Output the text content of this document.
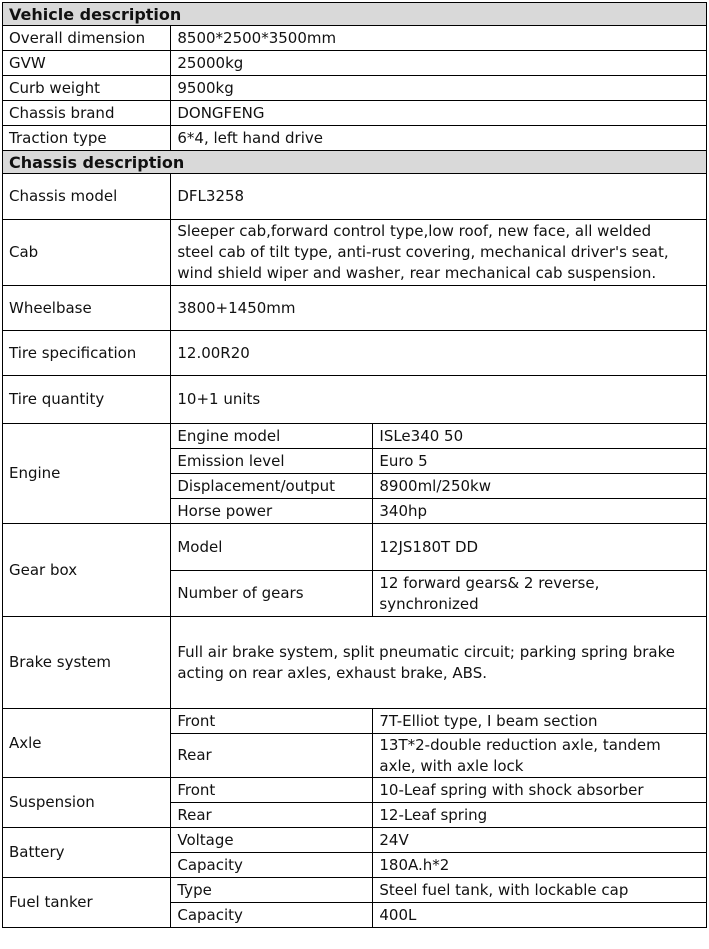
Vehicle description		
Overall dimension	8500*2500*3500mm	
GVW	25000kg	
Curb weight	9500kg	
Chassis brand	DONGFENG	
Traction type	6*4, left hand drive	
Chassis description		
Chassis model	DFL3258	
Cab	Sleeper cab,forward control type,low roof, new face, all welded
steel cab of tilt type, anti-rust covering, mechanical driver's seat,
wind shield wiper and washer, rear mechanical cab suspension.	

Wheelbase	3800+1450mm	
Tire specification	12.00R20	
Tire quantity	10+1 units	
Engine	Engine model	ISLe340 50
	Emission level	Euro 5
	Displacement/output	8900ml/250kw
	Horse power	340hp
Gear box	Model	12JS180T DD
	Number of gears	12 forward gears& 2 reverse,
synchronized

Brake system	Full air brake system, split pneumatic circuit; parking spring brake
acting on rear axles, exhaust brake, ABS.	

Axle	Front	7T-Elliot type, I beam section
	Rear	13T*2-double reduction axle, tandem
axle, with axle lock

Suspension	Front	10-Leaf spring with shock absorber
	Rear	12-Leaf spring
Battery	Voltage	24V
	Capacity	180A.h*2
Fuel tanker	Type	Steel fuel tank, with lockable cap
	Capacity	400L
